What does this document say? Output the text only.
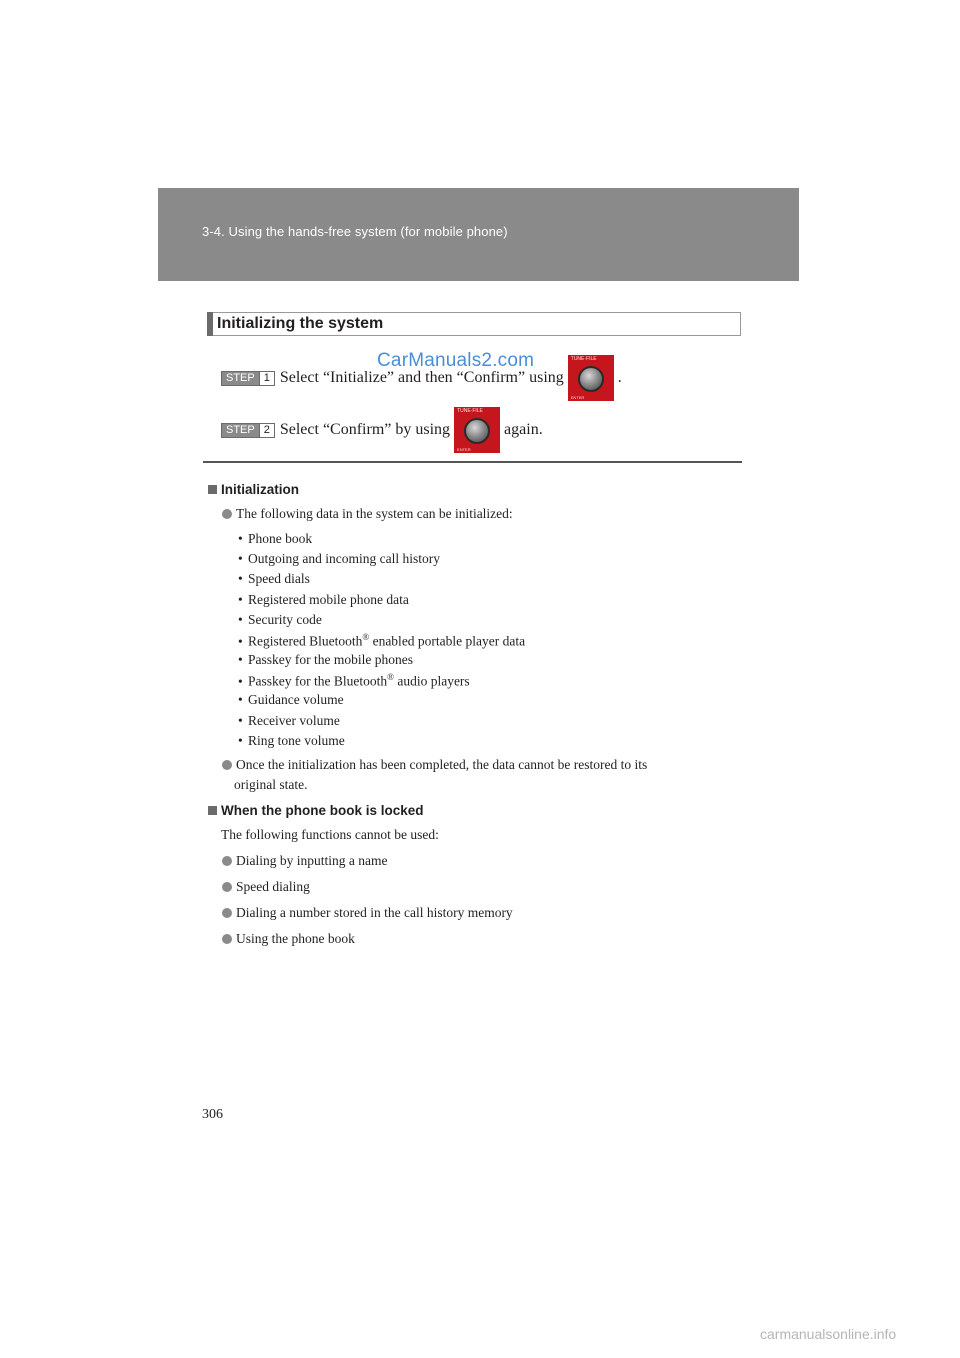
3-4. Using the hands-free system (for mobile phone)
Initializing the system
CarManuals2.com
STEP 1 Select “Initialize” and then “Confirm” using
TUNE·FILE
ENTER
.
STEP 2 Select “Confirm” by using
TUNE·FILE
ENTER
again.
Initialization
The following data in the system can be initialized:
• Phone book
• Outgoing and incoming call history
• Speed dials
• Registered mobile phone data
• Security code
• Registered Bluetooth® enabled portable player data
• Passkey for the mobile phones
• Passkey for the Bluetooth® audio players
• Guidance volume
• Receiver volume
• Ring tone volume
Once the initialization has been completed, the data cannot be restored to its
original state.
When the phone book is locked
The following functions cannot be used:
Dialing by inputting a name
Speed dialing
Dialing a number stored in the call history memory
Using the phone book
306
carmanualsonline.info
